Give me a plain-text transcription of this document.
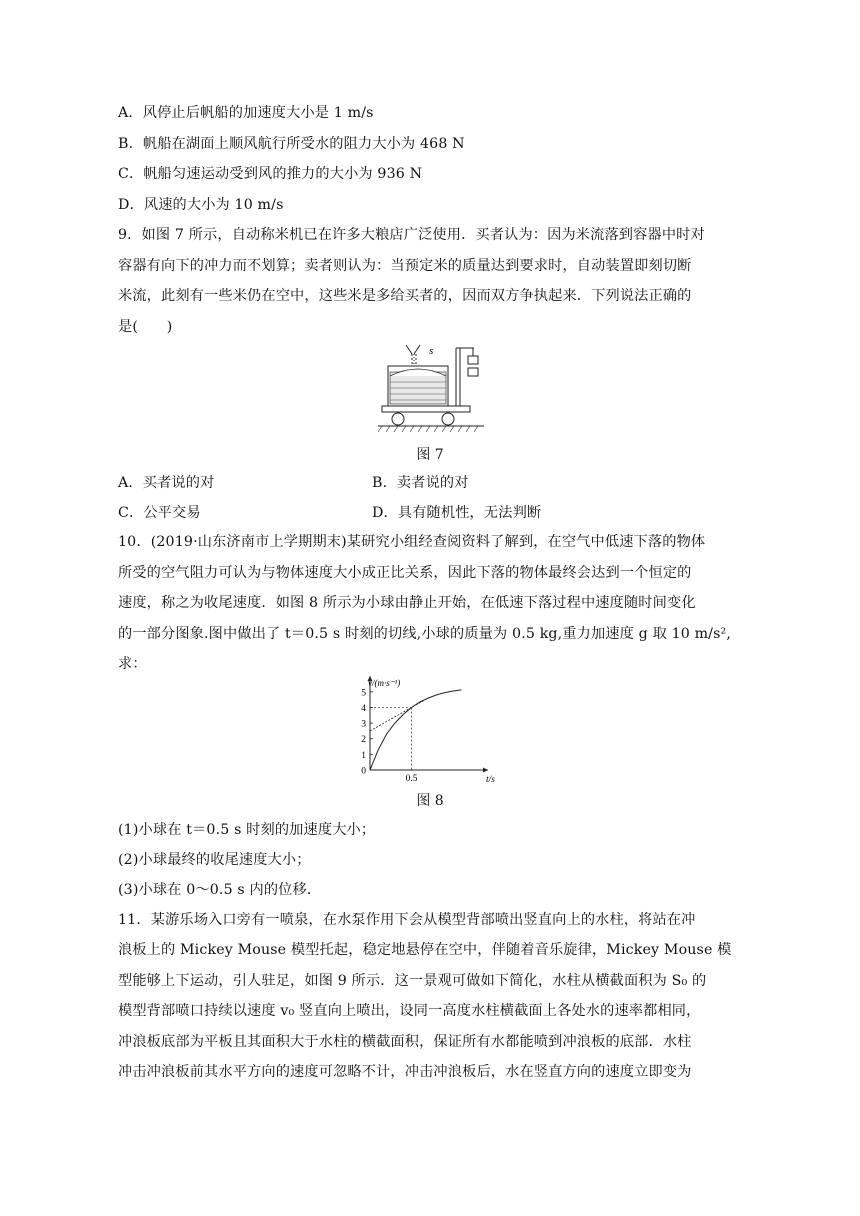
A．风停止后帆船的加速度大小是 1 m/s
B．帆船在湖面上顺风航行所受水的阻力大小为 468 N
C．帆船匀速运动受到风的推力的大小为 936 N
D．风速的大小为 10 m/s
9．如图 7 所示，自动称米机已在许多大粮店广泛使用．买者认为：因为米流落到容器中时对
容器有向下的冲力而不划算；卖者则认为：当预定米的质量达到要求时，自动装置即刻切断
米流，此刻有一些米仍在空中，这些米是多给买者的，因而双方争执起来．下列说法正确的
是(　　)
s
图 7
A．买者说的对	B．卖者说的对
C．公平交易	D．具有随机性，无法判断
10．(2019·山东济南市上学期期末)某研究小组经查阅资料了解到，在空气中低速下落的物体
所受的空气阻力可认为与物体速度大小成正比关系，因此下落的物体最终会达到一个恒定的
速度，称之为收尾速度．如图 8 所示为小球由静止开始，在低速下落过程中速度随时间变化
的一部分图象.图中做出了 t＝0.5 s 时刻的切线,小球的质量为 0.5 kg,重力加速度 g 取 10 m/s²,
求：
0
1
2
3
4
5
0.5	t/s
v/(m·s⁻¹)
图 8
(1)小球在 t＝0.5 s 时刻的加速度大小；
(2)小球最终的收尾速度大小；
(3)小球在 0～0.5 s 内的位移．
11．某游乐场入口旁有一喷泉，在水泵作用下会从模型背部喷出竖直向上的水柱，将站在冲
浪板上的 Mickey Mouse 模型托起，稳定地悬停在空中，伴随着音乐旋律，Mickey Mouse 模
型能够上下运动，引人驻足，如图 9 所示．这一景观可做如下简化，水柱从横截面积为 S₀ 的
模型背部喷口持续以速度 v₀ 竖直向上喷出，设同一高度水柱横截面上各处水的速率都相同，
冲浪板底部为平板且其面积大于水柱的横截面积，保证所有水都能喷到冲浪板的底部．水柱
冲击冲浪板前其水平方向的速度可忽略不计，冲击冲浪板后，水在竖直方向的速度立即变为
